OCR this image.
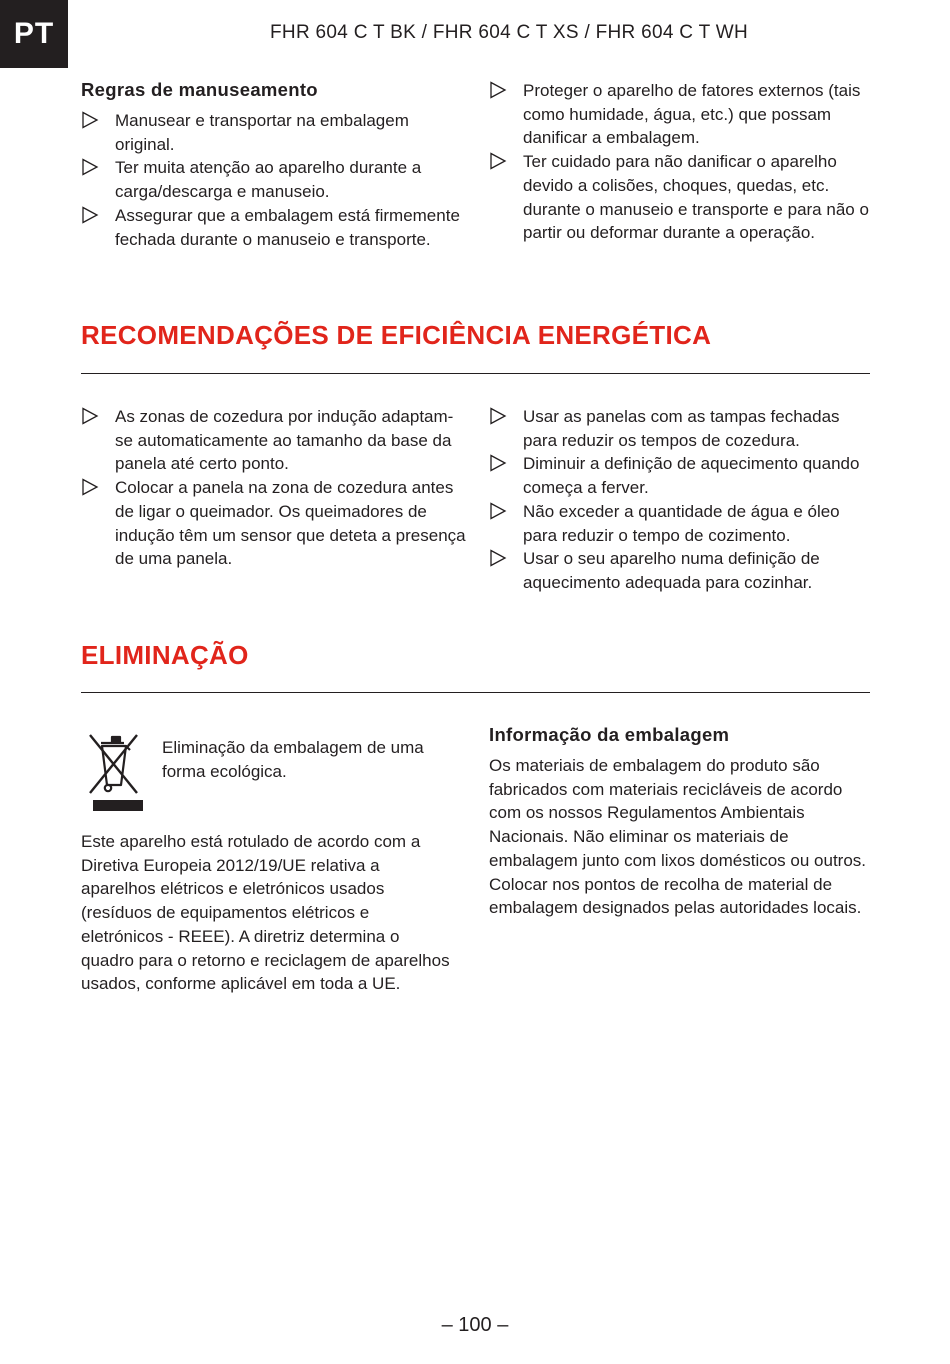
PT	FHR 604 C T BK / FHR 604 C T XS / FHR 604 C T WH
Regras de manuseamento
Manusear e transportar na embalagem original.
Ter muita atenção ao aparelho durante a carga/descarga e manuseio.
Assegurar que a embalagem está firmemente fechada durante o manuseio e transporte.
Proteger o aparelho de fatores externos (tais como humidade, água, etc.) que possam danificar a embalagem.
Ter cuidado para não danificar o aparelho devido a colisões, choques, quedas, etc. durante o manuseio e transporte e para não o partir ou deformar durante a operação.
RECOMENDAÇÕES DE EFICIÊNCIA ENERGÉTICA
As zonas de cozedura por indução adaptam-se automaticamente ao tamanho da base da panela até certo ponto.
Colocar a panela na zona de cozedura antes de ligar o queimador. Os queimadores de indução têm um sensor que deteta a presença de uma panela.
Usar as panelas com as tampas fechadas para reduzir os tempos de cozedura.
Diminuir a definição de aquecimento quando começa a ferver.
Não exceder a quantidade de água e óleo para reduzir o tempo de cozimento.
Usar o seu aparelho numa definição de aquecimento adequada para cozinhar.
ELIMINAÇÃO

Eliminação da embalagem de uma forma ecológica.

Este aparelho está rotulado de acordo com a Diretiva Europeia 2012/19/UE relativa a aparelhos elétricos e eletrónicos usados (resíduos de equipamentos elétricos e eletrónicos - REEE). A diretriz determina o quadro para o retorno e reciclagem de aparelhos usados, conforme aplicável em toda a UE.

Informação da embalagem

Os materiais de embalagem do produto são fabricados com materiais recicláveis de acordo com os nossos Regulamentos Ambientais Nacionais. Não eliminar os materiais de embalagem junto com lixos domésticos ou outros. Colocar nos pontos de recolha de material de embalagem designados pelas autoridades locais.

– 100 –
